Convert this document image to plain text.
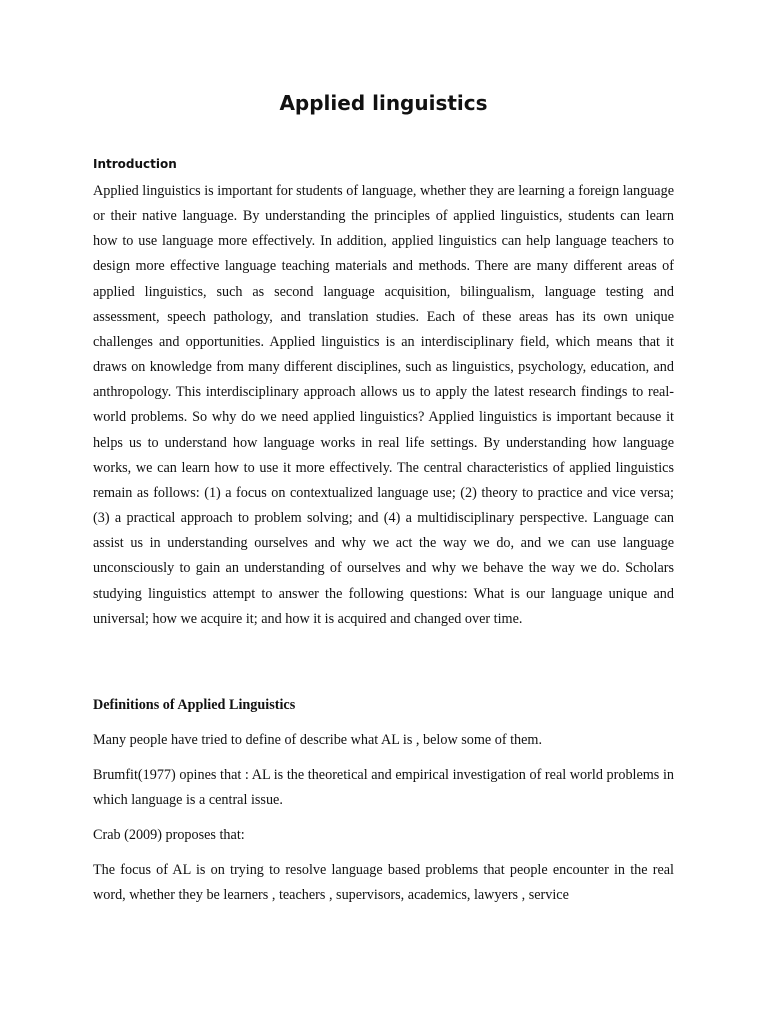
Applied linguistics
Introduction

Applied linguistics is important for students of language, whether they are learning a foreign language or their native language. By understanding the principles of applied linguistics, students can learn how to use language more effectively. In addition, applied linguistics can help language teachers to design more effective language teaching materials and methods. There are many different areas of applied linguistics, such as second language acquisition, bilingualism, language testing and assessment, speech pathology, and translation studies. Each of these areas has its own unique challenges and opportunities. Applied linguistics is an interdisciplinary field, which means that it draws on knowledge from many different disciplines, such as linguistics, psychology, education, and anthropology. This interdisciplinary approach allows us to apply the latest research findings to real-world problems. So why do we need applied linguistics? Applied linguistics is important because it helps us to understand how language works in real life settings. By understanding how language works, we can learn how to use it more effectively. The central characteristics of applied linguistics remain as follows: (1) a focus on contextualized language use; (2) theory to practice and vice versa; (3) a practical approach to problem solving; and (4) a multidisciplinary perspective. Language can assist us in understanding ourselves and why we act the way we do, and we can use language unconsciously to gain an understanding of ourselves and why we behave the way we do. Scholars studying linguistics attempt to answer the following questions: What is our language unique and universal; how we acquire it; and how it is acquired and changed over time.

Definitions of Applied Linguistics

Many people have tried to define of describe what AL is , below some of them.

Brumfit(1977) opines that : AL is the theoretical and empirical investigation of real world problems in which language is a central issue.

Crab (2009) proposes that:

The focus of AL is on trying to resolve language based problems that people encounter in the real word, whether they be learners , teachers , supervisors, academics, lawyers , service
